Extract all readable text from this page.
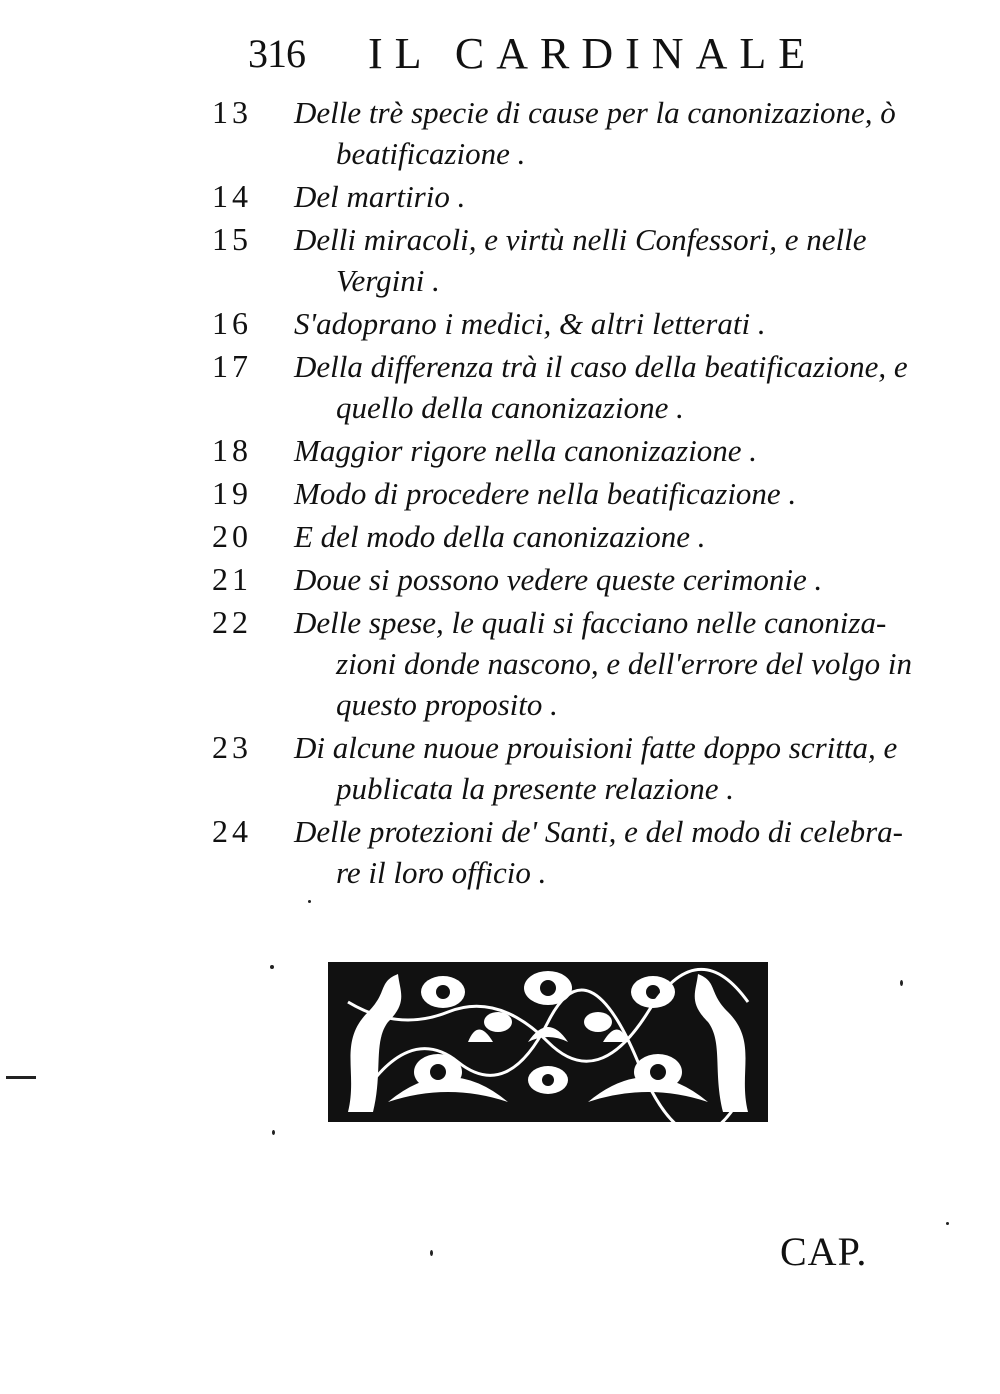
316 IL CARDINALE
13 Delle trè specie di cause per la canonizazione, ò
beatificazione .
14 Del martirio .
15 Delli miracoli, e virtù nelli Confessori, e nelle
Vergini .
16 S'adoprano i medici, & altri letterati .
17 Della differenza trà il caso della beatificazione, e
quello della canonizazione .
18 Maggior rigore nella canonizazione .
19 Modo di procedere nella beatificazione .
20 E del modo della canonizazione .
21 Doue si possono vedere queste cerimonie .
22 Delle spese, le quali si facciano nelle canoniza-
zioni donde nascono, e dell'errore del volgo in
questo proposito .
23 Di alcune nuoue prouisioni fatte doppo scritta, e
publicata la presente relazione .
24 Delle protezioni de' Santi, e del modo di celebra-
re il loro officio .
CAP.
